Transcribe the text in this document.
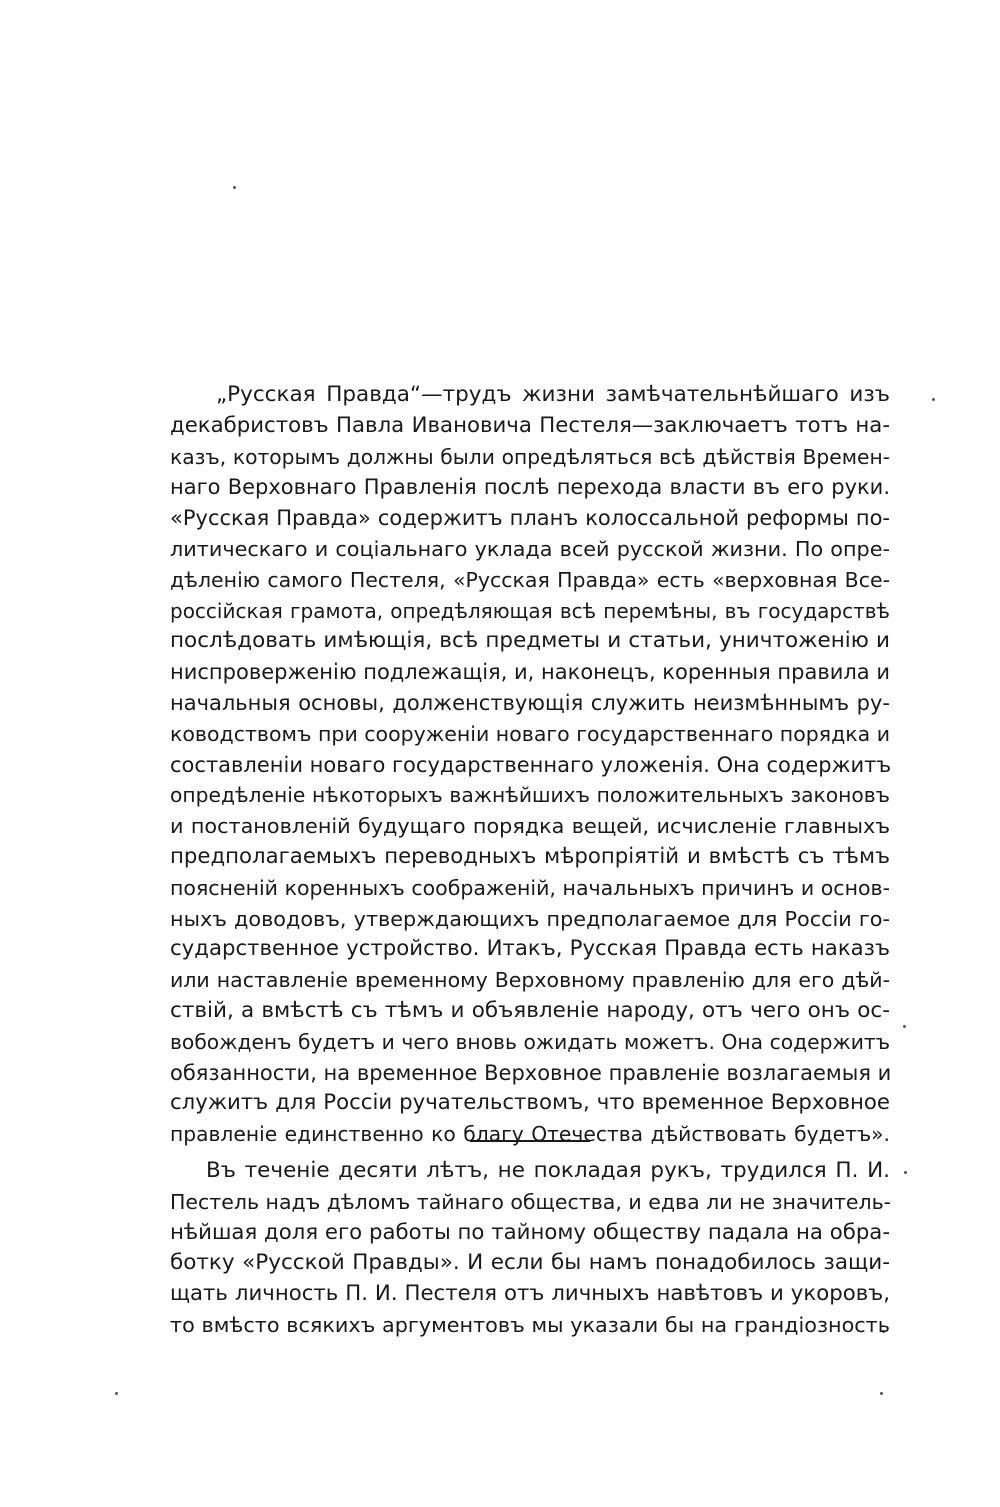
„Русская Правда“—трудъ жизни замѣчательнѣйшаго изъ
декабристовъ Павла Ивановича Пестеля—заключаетъ тотъ на-
казъ, которымъ должны были опредѣляться всѣ дѣйствія Времен-
наго Верховнаго Правленія послѣ перехода власти въ его руки.
«Русская Правда» содержитъ планъ колоссальной реформы по-
литическаго и соціальнаго уклада всей русской жизни. По опре-
дѣленію самого Пестеля, «Русская Правда» есть «верховная Все-
россійская грамота, опредѣляющая всѣ перемѣны, въ государствѣ
послѣдовать имѣющія, всѣ предметы и статьи, уничтоженію и
ниспроверженію подлежащія, и, наконецъ, коренныя правила и
начальныя основы, долженствующія служить неизмѣннымъ ру-
ководствомъ при сооруженіи новаго государственнаго порядка и
составленіи новаго государственнаго уложенія. Она содержитъ
опредѣленіе нѣкоторыхъ важнѣйшихъ положительныхъ законовъ
и постановленій будущаго порядка вещей, исчисленіе главныхъ
предполагаемыхъ переводныхъ мѣропріятій и вмѣстѣ съ тѣмъ
поясненій коренныхъ соображеній, начальныхъ причинъ и основ-
ныхъ доводовъ, утверждающихъ предполагаемое для Россіи го-
сударственное устройство. Итакъ, Русская Правда есть наказъ
или наставленіе временному Верховному правленію для его дѣй-
ствій, а вмѣстѣ съ тѣмъ и объявленіе народу, отъ чего онъ ос-
вобожденъ будетъ и чего вновь ожидать можетъ. Она содержитъ
обязанности, на временное Верховное правленіе возлагаемыя и
служитъ для Россіи ручательствомъ, что временное Верховное
правленіе единственно ко благу Отечества дѣйствовать будетъ».
Въ теченіе десяти лѣтъ, не покладая рукъ, трудился П. И.
Пестель надъ дѣломъ тайнаго общества, и едва ли не значитель-
нѣйшая доля его работы по тайному обществу падала на обра-
ботку «Русской Правды». И если бы намъ понадобилось защи-
щать личность П. И. Пестеля отъ личныхъ навѣтовъ и укоровъ,
то вмѣсто всякихъ аргументовъ мы указали бы на грандіозность
